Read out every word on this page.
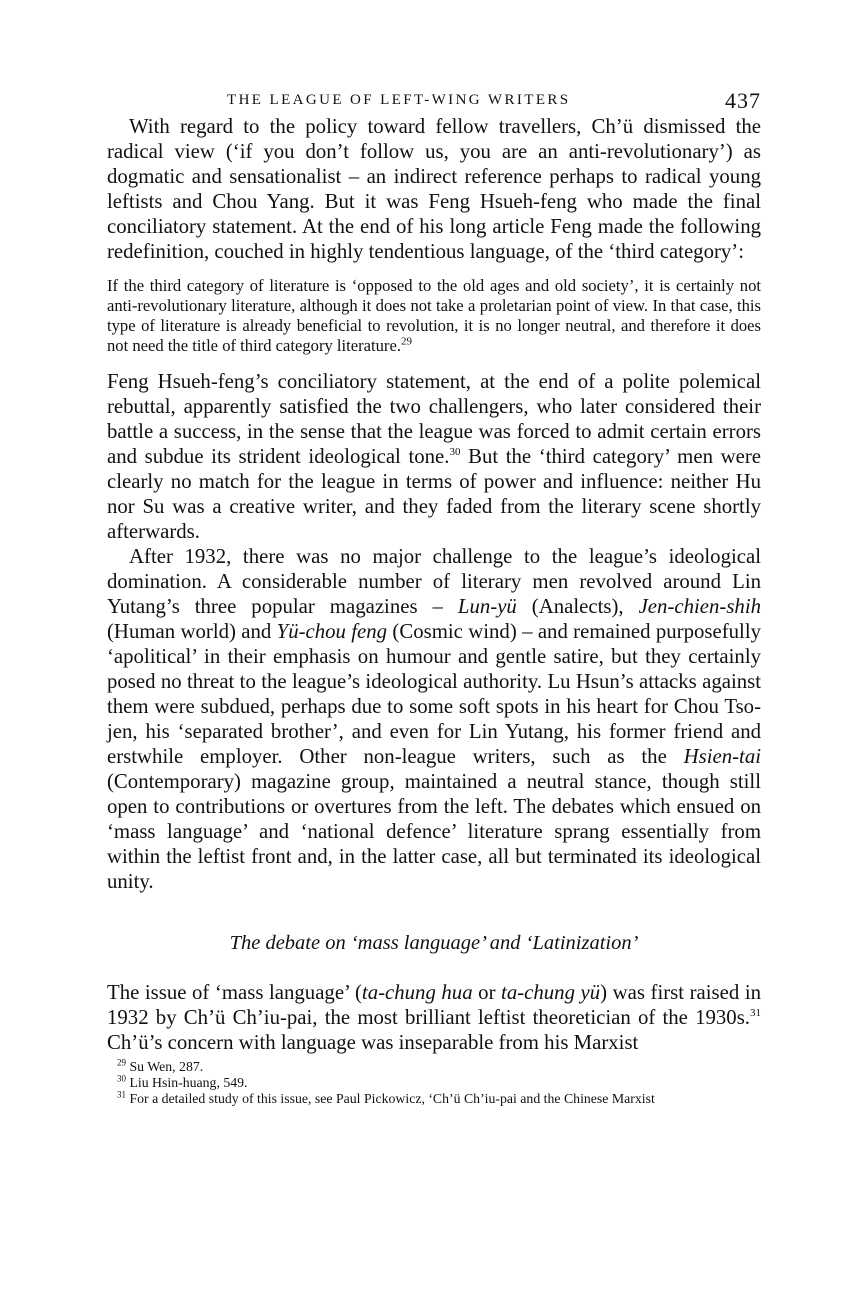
THE LEAGUE OF LEFT-WING WRITERS	437

With regard to the policy toward fellow travellers, Ch’ü dismissed the radical view (‘if you don’t follow us, you are an anti-revolutionary’) as dogmatic and sensationalist – an indirect reference perhaps to radical young leftists and Chou Yang. But it was Feng Hsueh-feng who made the final conciliatory statement. At the end of his long article Feng made the following redefinition, couched in highly tendentious language, of the ‘third category’:

If the third category of literature is ‘opposed to the old ages and old society’, it is certainly not anti-revolutionary literature, although it does not take a proletarian point of view. In that case, this type of literature is already beneficial to revolution, it is no longer neutral, and therefore it does not need the title of third category literature.$^{29}$

Feng Hsueh-feng’s conciliatory statement, at the end of a polite polemical rebuttal, apparently satisfied the two challengers, who later considered their battle a success, in the sense that the league was forced to admit certain errors and subdue its strident ideological tone.$^{30}$ But the ‘third category’ men were clearly no match for the league in terms of power and influence: neither Hu nor Su was a creative writer, and they faded from the literary scene shortly afterwards.

After 1932, there was no major challenge to the league’s ideological domination. A considerable number of literary men revolved around Lin Yutang’s three popular magazines – Lun-yü (Analects), Jen-chien-shih (Human world) and Yü-chou feng (Cosmic wind) – and remained purposefully ‘apolitical’ in their emphasis on humour and gentle satire, but they certainly posed no threat to the league’s ideological authority. Lu Hsun’s attacks against them were subdued, perhaps due to some soft spots in his heart for Chou Tso-jen, his ‘separated brother’, and even for Lin Yutang, his former friend and erstwhile employer. Other non-league writers, such as the Hsien-tai (Contemporary) magazine group, maintained a neutral stance, though still open to contributions or overtures from the left. The debates which ensued on ‘mass language’ and ‘national defence’ literature sprang essentially from within the leftist front and, in the latter case, all but terminated its ideological unity.

The debate on ‘mass language’ and ‘Latinization’

The issue of ‘mass language’ (ta-chung hua or ta-chung yü) was first raised in 1932 by Ch’ü Ch’iu-pai, the most brilliant leftist theoretician of the 1930s.$^{31}$ Ch’ü’s concern with language was inseparable from his Marxist

$^{29}$ Su Wen, 287.
$^{30}$ Liu Hsin-huang, 549.
$^{31}$ For a detailed study of this issue, see Paul Pickowicz, ‘Ch’ü Ch’iu-pai and the Chinese Marxist
